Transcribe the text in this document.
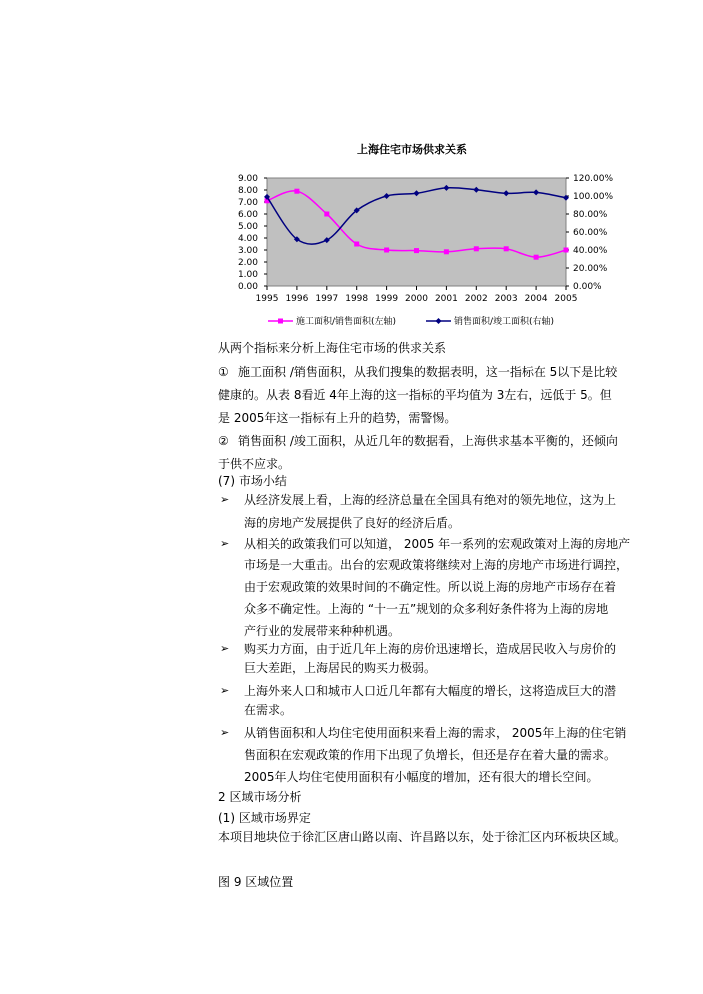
上海住宅市场供求关系
9.00
8.00
7.00
6.00
5.00
4.00
3.00
2.00
1.00
0.00
120.00%
100.00%
80.00%
60.00%
40.00%
20.00%
0.00%
1995 1996 1997 1998 1999 2000 2001 2002 2003 2004 2005
施工面积/销售面积(左轴)	销售面积/竣工面积(右轴)
从两个指标来分析上海住宅市场的供求关系
① 施工面积 /销售面积，从我们搜集的数据表明，这一指标在 5以下是比较
健康的。从表 8看近 4年上海的这一指标的平均值为 3左右，远低于 5。但
是 2005年这一指标有上升的趋势，需警惕。
② 销售面积 /竣工面积，从近几年的数据看，上海供求基本平衡的，还倾向
于供不应求。
(7) 市场小结
➢ 从经济发展上看，上海的经济总量在全国具有绝对的领先地位，这为上
海的房地产发展提供了良好的经济后盾。
➢ 从相关的政策我们可以知道， 2005 年一系列的宏观政策对上海的房地产
市场是一大重击。出台的宏观政策将继续对上海的房地产市场进行调控，
由于宏观政策的效果时间的不确定性。所以说上海的房地产市场存在着
众多不确定性。上海的 “十一五”规划的众多利好条件将为上海的房地
产行业的发展带来种种机遇。
➢ 购买力方面，由于近几年上海的房价迅速增长，造成居民收入与房价的
巨大差距，上海居民的购买力极弱。
➢ 上海外来人口和城市人口近几年都有大幅度的增长，这将造成巨大的潜
在需求。
➢ 从销售面积和人均住宅使用面积来看上海的需求， 2005年上海的住宅销
售面积在宏观政策的作用下出现了负增长，但还是存在着大量的需求。
2005年人均住宅使用面积有小幅度的增加，还有很大的增长空间。
2 区域市场分析
(1) 区域市场界定
本项目地块位于徐汇区唐山路以南、许昌路以东，处于徐汇区内环板块区域。
图 9 区域位置
